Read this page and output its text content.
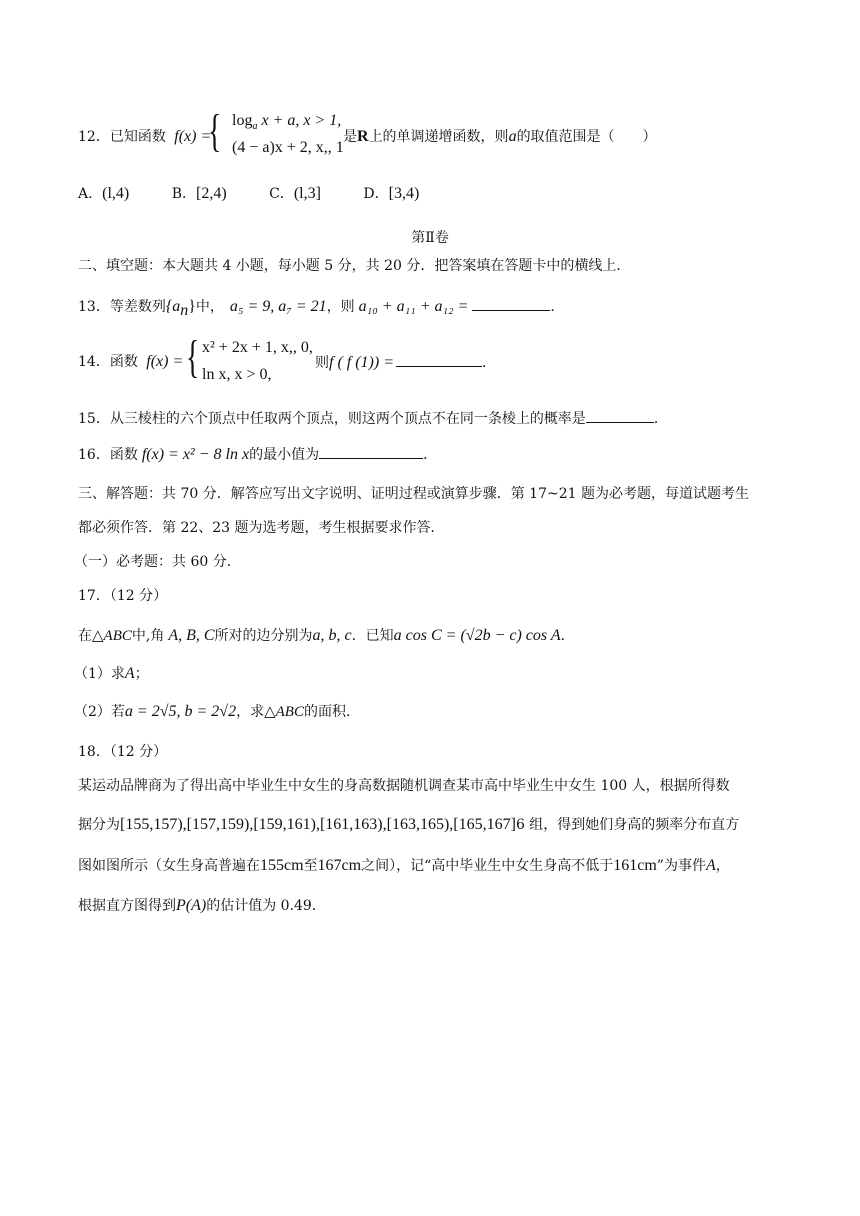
12．已知函数 f(x) =
{ $\log_a x + a$, x > 1,
(4 − a)x + 2, x,, 1
是R上的单调递增函数，则a的取值范围是（　　）
A．(l,4)	B．[2,4)	C．(l,3]	D．[3,4)
第Ⅱ卷
二、填空题：本大题共 4 小题，每小题 5 分，共 20 分．把答案填在答题卡中的横线上．
13．等差数列$\{a_n\}$中， a₅ = 9, a₇ = 21，则 a₁₀ + a₁₁ + a₁₂ =	．
14．函数 f(x) = { x² + 2x + 1, x,, 0,
ln x, x > 0,
则f ( f (1)) =	．
15．从三棱柱的六个顶点中任取两个顶点，则这两个顶点不在同一条棱上的概率是	．
16．函数 f(x) = x² − 8 ln x的最小值为	．
三、解答题：共 70 分．解答应写出文字说明、证明过程或演算步骤．第 17~21 题为必考题，每道试题考生
都必须作答．第 22、23 题为选考题，考生根据要求作答．
（一）必考题：共 60 分．
17．（12 分）
在△ABC中,角 A, B, C所对的边分别为a, b, c．已知a cos C = (√2b − c) cos A．
（1）求A；
（2）若a = 2√5, b = 2√2，求△ABC的面积．
18．（12 分）
某运动品牌商为了得出高中毕业生中女生的身高数据随机调查某市高中毕业生中女生 100 人，根据所得数
据分为[155,157),[157,159),[159,161),[161,163),[163,165),[165,167]6 组，得到她们身高的频率分布直方
图如图所示（女生身高普遍在155cm至167cm之间），记“高中毕业生中女生身高不低于161cm”为事件A，
根据直方图得到P(A)的估计值为 0.49．
